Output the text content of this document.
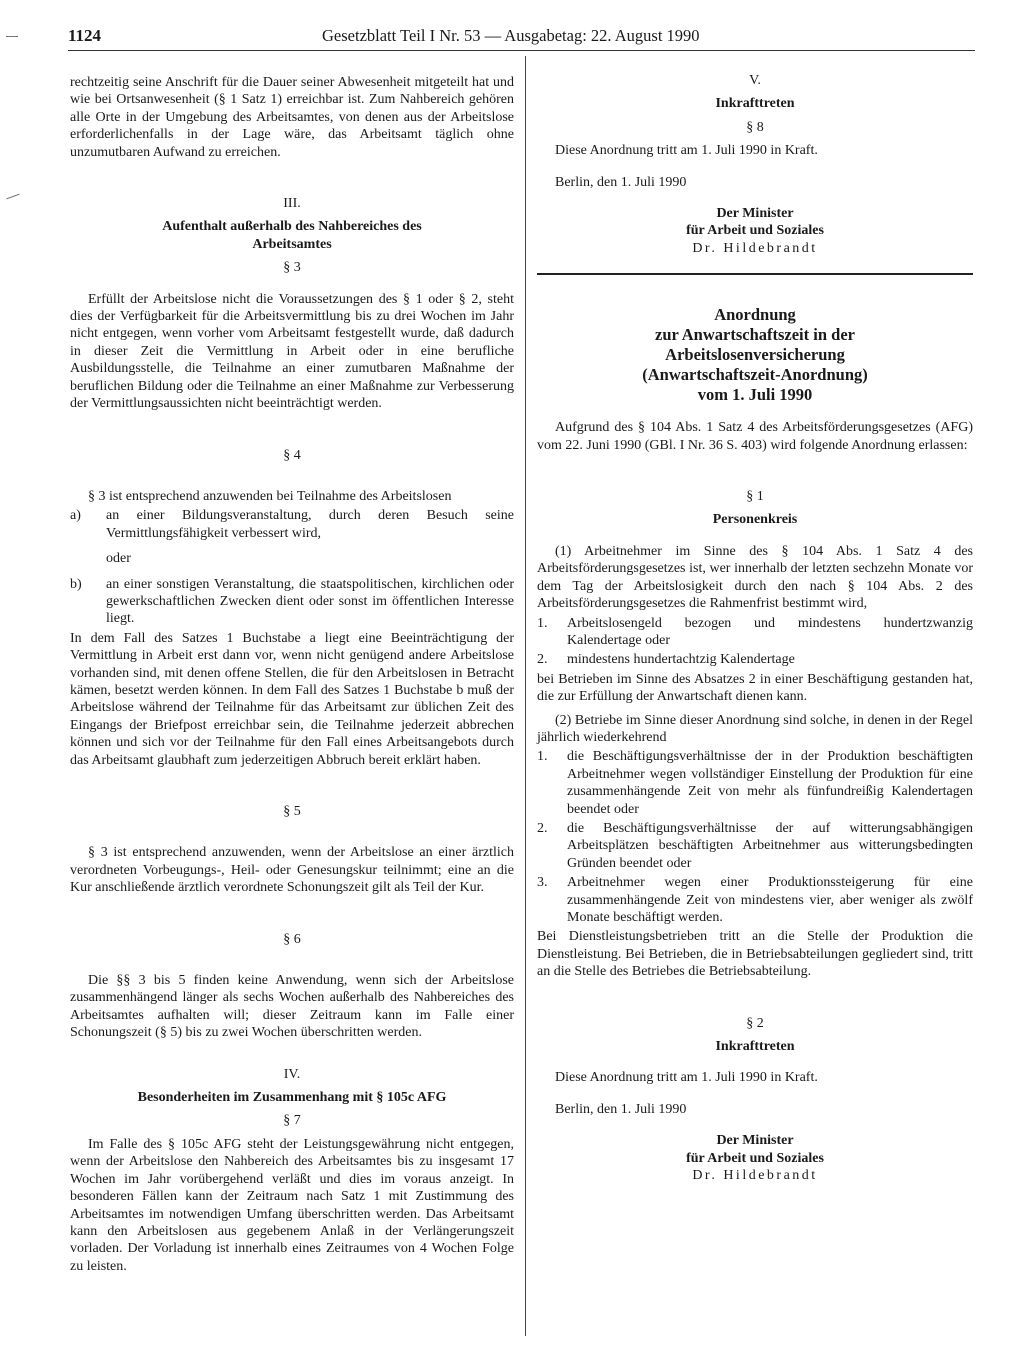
1124	Gesetzblatt Teil I Nr. 53 — Ausgabetag: 22. August 1990

rechtzeitig seine Anschrift für die Dauer seiner Abwesenheit mitgeteilt hat und wie bei Ortsanwesenheit (§ 1 Satz 1) erreichbar ist. Zum Nahbereich gehören alle Orte in der Umgebung des Arbeitsamtes, von denen aus der Arbeitslose erforderlichenfalls in der Lage wäre, das Arbeitsamt täglich ohne unzumutbaren Aufwand zu erreichen.

III.

Aufenthalt außerhalb des Nahbereiches des Arbeitsamtes

§ 3

Erfüllt der Arbeitslose nicht die Voraussetzungen des § 1 oder § 2, steht dies der Verfügbarkeit für die Arbeitsvermittlung bis zu drei Wochen im Jahr nicht entgegen, wenn vorher vom Arbeitsamt festgestellt wurde, daß dadurch in dieser Zeit die Vermittlung in Arbeit oder in eine berufliche Ausbildungsstelle, die Teilnahme an einer zumutbaren Maßnahme der beruflichen Bildung oder die Teilnahme an einer Maßnahme zur Verbesserung der Vermittlungsaussichten nicht beeinträchtigt werden.

§ 4

§ 3 ist entsprechend anzuwenden bei Teilnahme des Arbeitslosen

a)	an einer Bildungsveranstaltung, durch deren Besuch seine Vermittlungsfähigkeit verbessert wird,

oder

b)	an einer sonstigen Veranstaltung, die staatspolitischen, kirchlichen oder gewerkschaftlichen Zwecken dient oder sonst im öffentlichen Interesse liegt.

In dem Fall des Satzes 1 Buchstabe a liegt eine Beeinträchtigung der Vermittlung in Arbeit erst dann vor, wenn nicht genügend andere Arbeitslose vorhanden sind, mit denen offene Stellen, die für den Arbeitslosen in Betracht kämen, besetzt werden können. In dem Fall des Satzes 1 Buchstabe b muß der Arbeitslose während der Teilnahme für das Arbeitsamt zur üblichen Zeit des Eingangs der Briefpost erreichbar sein, die Teilnahme jederzeit abbrechen können und sich vor der Teilnahme für den Fall eines Arbeitsangebots durch das Arbeitsamt glaubhaft zum jederzeitigen Abbruch bereit erklärt haben.

§ 5

§ 3 ist entsprechend anzuwenden, wenn der Arbeitslose an einer ärztlich verordneten Vorbeugungs-, Heil- oder Genesungskur teilnimmt; eine an die Kur anschließende ärztlich verordnete Schonungszeit gilt als Teil der Kur.

§ 6

Die §§ 3 bis 5 finden keine Anwendung, wenn sich der Arbeitslose zusammenhängend länger als sechs Wochen außerhalb des Nahbereiches des Arbeitsamtes aufhalten will; dieser Zeitraum kann im Falle einer Schonungszeit (§ 5) bis zu zwei Wochen überschritten werden.

IV.

Besonderheiten im Zusammenhang mit § 105c AFG

§ 7

Im Falle des § 105c AFG steht der Leistungsgewährung nicht entgegen, wenn der Arbeitslose den Nahbereich des Arbeitsamtes bis zu insgesamt 17 Wochen im Jahr vorübergehend verläßt und dies im voraus anzeigt. In besonderen Fällen kann der Zeitraum nach Satz 1 mit Zustimmung des Arbeitsamtes im notwendigen Umfang überschritten werden. Das Arbeitsamt kann den Arbeitslosen aus gegebenem Anlaß in der Verlängerungszeit vorladen. Der Vorladung ist innerhalb eines Zeitraumes von 4 Wochen Folge zu leisten.

V.

Inkrafttreten

§ 8

Diese Anordnung tritt am 1. Juli 1990 in Kraft.

Berlin, den 1. Juli 1990

Der Minister

für Arbeit und Soziales

Dr. Hildebrandt

Anordnung

zur Anwartschaftszeit in der

Arbeitslosenversicherung

(Anwartschaftszeit-Anordnung)

vom 1. Juli 1990

Aufgrund des § 104 Abs. 1 Satz 4 des Arbeitsförderungsgesetzes (AFG) vom 22. Juni 1990 (GBl. I Nr. 36 S. 403) wird folgende Anordnung erlassen:

§ 1

Personenkreis

(1) Arbeitnehmer im Sinne des § 104 Abs. 1 Satz 4 des Arbeitsförderungsgesetzes ist, wer innerhalb der letzten sechzehn Monate vor dem Tag der Arbeitslosigkeit durch den nach § 104 Abs. 2 des Arbeitsförderungsgesetzes die Rahmenfrist bestimmt wird,

1.	Arbeitslosengeld bezogen und mindestens hundertzwanzig Kalendertage oder
2.	mindestens hundertachtzig Kalendertage

bei Betrieben im Sinne des Absatzes 2 in einer Beschäftigung gestanden hat, die zur Erfüllung der Anwartschaft dienen kann.

(2) Betriebe im Sinne dieser Anordnung sind solche, in denen in der Regel jährlich wiederkehrend

1.	die Beschäftigungsverhältnisse der in der Produktion beschäftigten Arbeitnehmer wegen vollständiger Einstellung der Produktion für eine zusammenhängende Zeit von mehr als fünfundreißig Kalendertagen beendet oder
2.	die Beschäftigungsverhältnisse der auf witterungsabhängigen Arbeitsplätzen beschäftigten Arbeitnehmer aus witterungsbedingten Gründen beendet oder
3.	Arbeitnehmer wegen einer Produktionssteigerung für eine zusammenhängende Zeit von mindestens vier, aber weniger als zwölf Monate beschäftigt werden.

Bei Dienstleistungsbetrieben tritt an die Stelle der Produktion die Dienstleistung. Bei Betrieben, die in Betriebsabteilungen gegliedert sind, tritt an die Stelle des Betriebes die Betriebsabteilung.

§ 2

Inkrafttreten

Diese Anordnung tritt am 1. Juli 1990 in Kraft.

Berlin, den 1. Juli 1990

Der Minister

für Arbeit und Soziales

Dr. Hildebrandt
